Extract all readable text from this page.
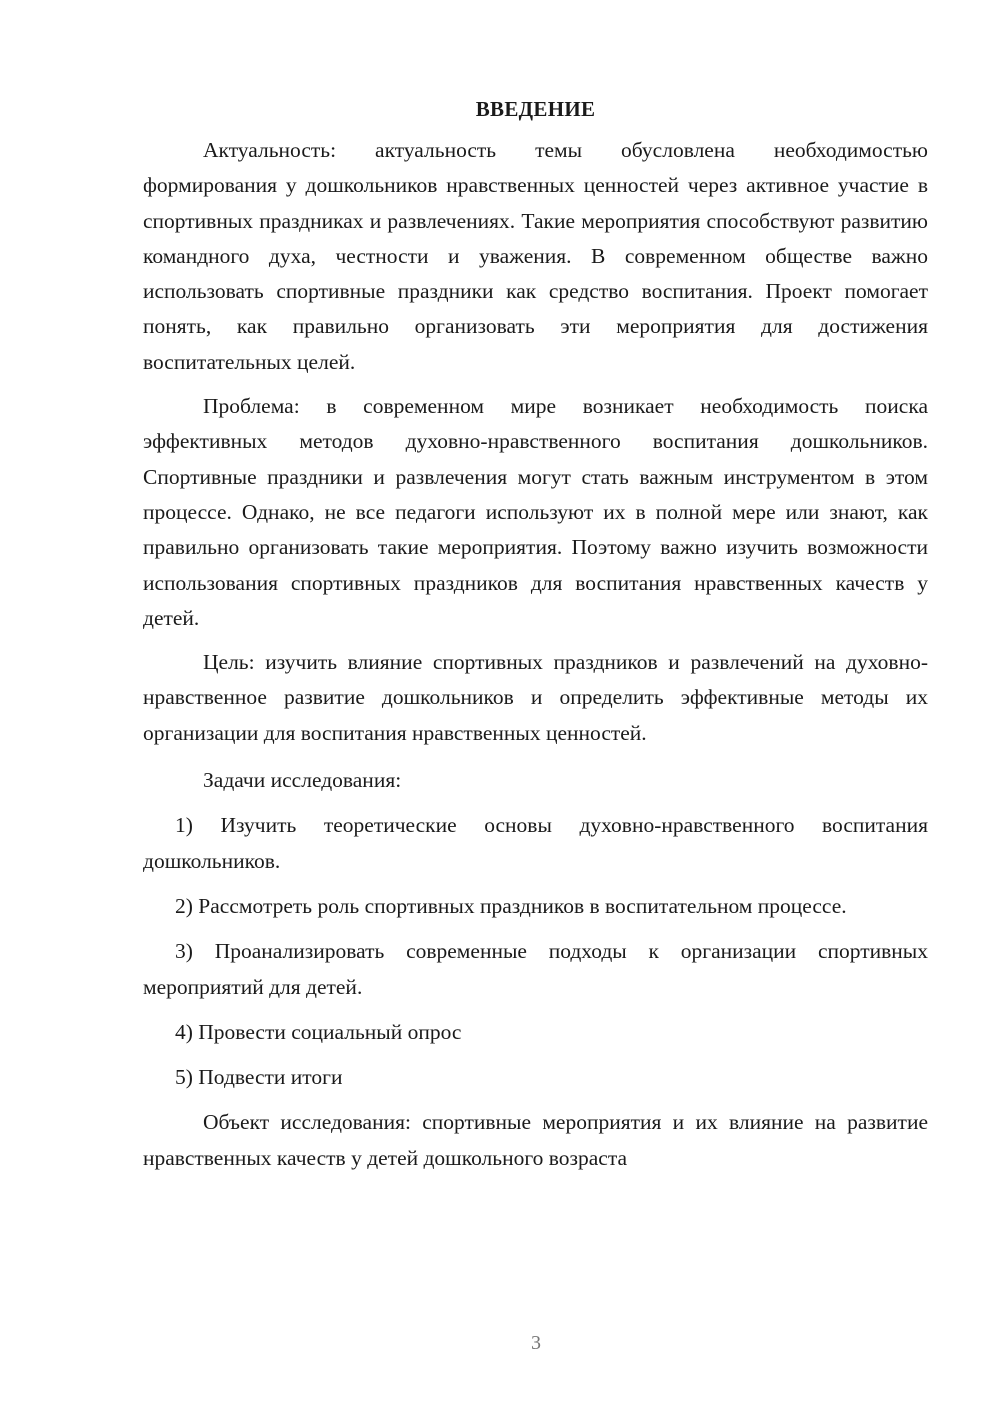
ВВЕДЕНИЕ

Актуальность: актуальность темы обусловлена необходимостью формирования у дошкольников нравственных ценностей через активное участие в спортивных праздниках и развлечениях. Такие мероприятия способствуют развитию командного духа, честности и уважения. В современном обществе важно использовать спортивные праздники как средство воспитания. Проект помогает понять, как правильно организовать эти мероприятия для достижения воспитательных целей.

Проблема: в современном мире возникает необходимость поиска эффективных методов духовно-нравственного воспитания дошкольников. Спортивные праздники и развлечения могут стать важным инструментом в этом процессе. Однако, не все педагоги используют их в полной мере или знают, как правильно организовать такие мероприятия. Поэтому важно изучить возможности использования спортивных праздников для воспитания нравственных качеств у детей.

Цель: изучить влияние спортивных праздников и развлечений на духовно-нравственное развитие дошкольников и определить эффективные методы их организации для воспитания нравственных ценностей.

Задачи исследования:

1) Изучить теоретические основы духовно-нравственного воспитания дошкольников.

2) Рассмотреть роль спортивных праздников в воспитательном процессе.

3) Проанализировать современные подходы к организации спортивных мероприятий для детей.

4) Провести социальный опрос

5) Подвести итоги

Объект исследования: спортивные мероприятия и их влияние на развитие нравственных качеств у детей дошкольного возраста

3
